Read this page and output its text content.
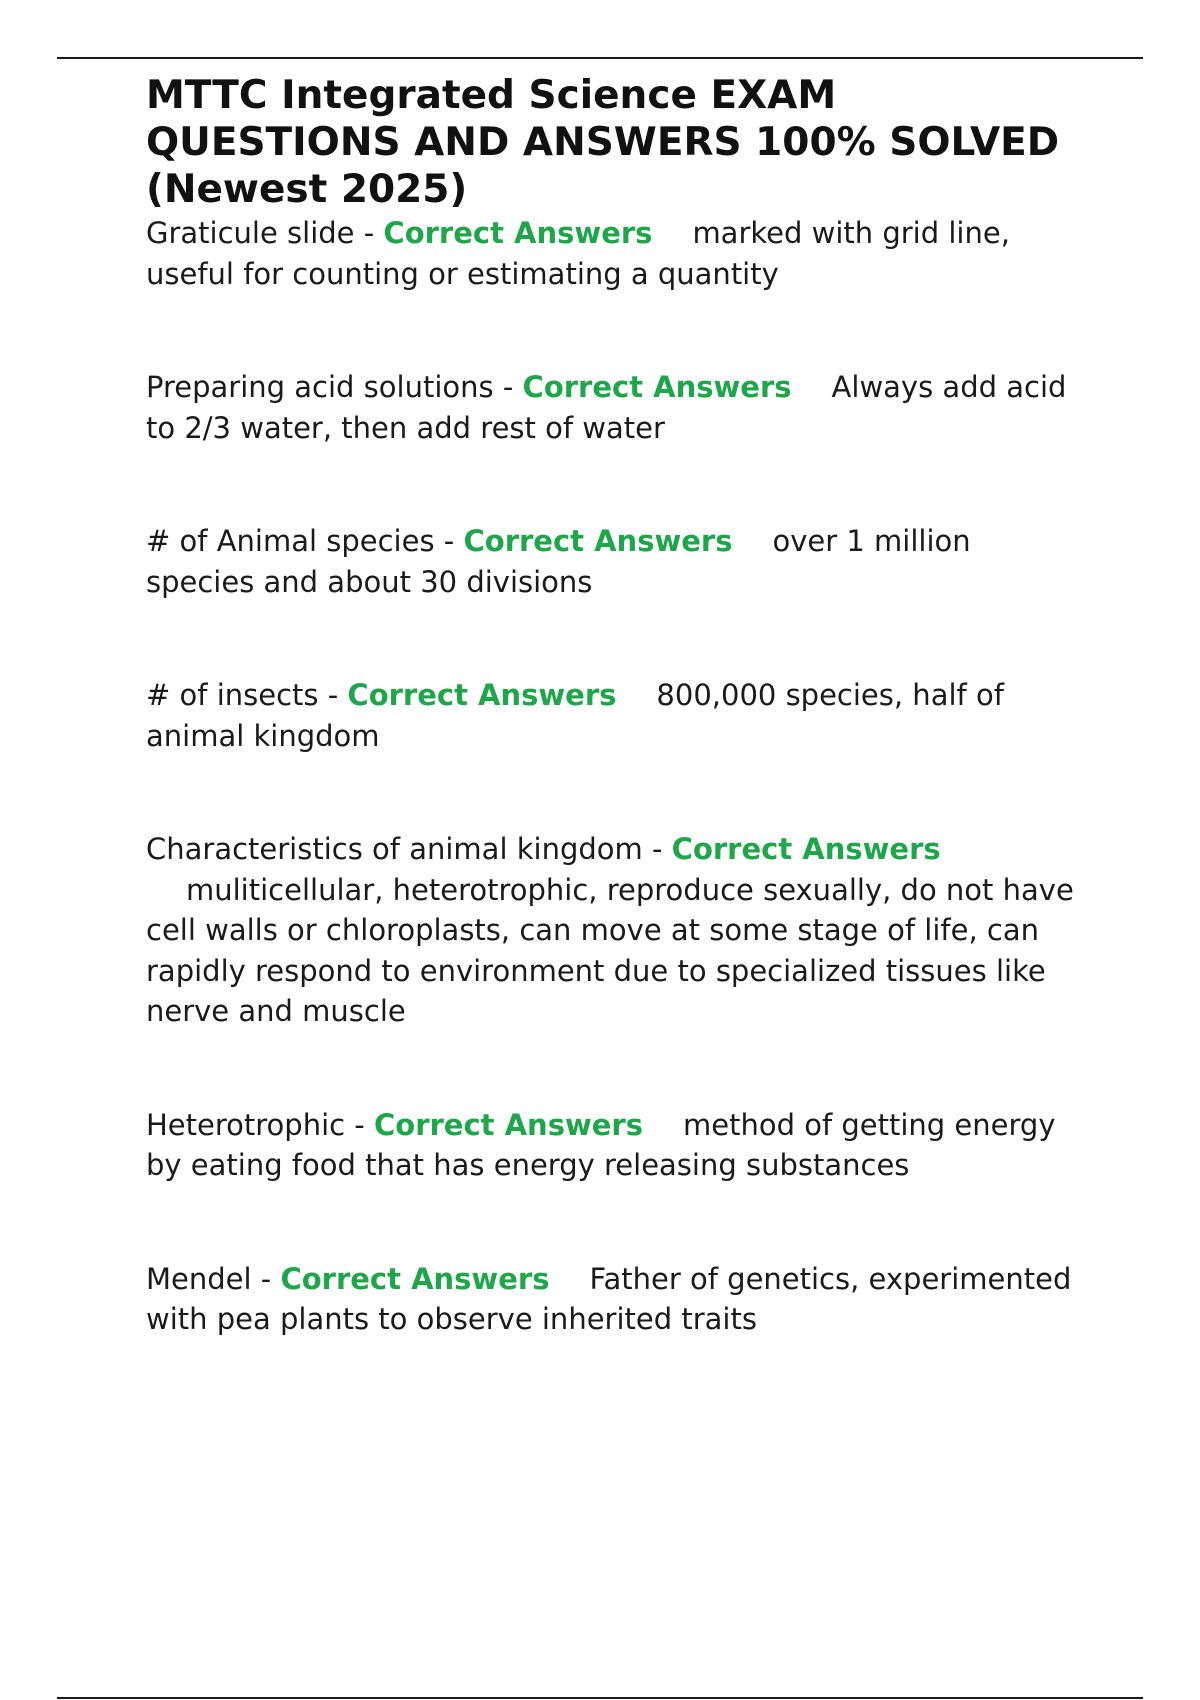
MTTC Integrated Science EXAM QUESTIONS AND ANSWERS 100% SOLVED (Newest 2025)

Graticule slide - Correct Answers marked with grid line, useful for counting or estimating a quantity

Preparing acid solutions - Correct Answers Always add acid to 2/3 water, then add rest of water

# of Animal species - Correct Answers over 1 million species and about 30 divisions

# of insects - Correct Answers 800,000 species, half of animal kingdom

Characteristics of animal kingdom - Correct Answers
muliticellular, heterotrophic, reproduce sexually, do not have cell walls or chloroplasts, can move at some stage of life, can rapidly respond to environment due to specialized tissues like nerve and muscle

Heterotrophic - Correct Answers method of getting energy by eating food that has energy releasing substances

Mendel - Correct Answers Father of genetics, experimented with pea plants to observe inherited traits
